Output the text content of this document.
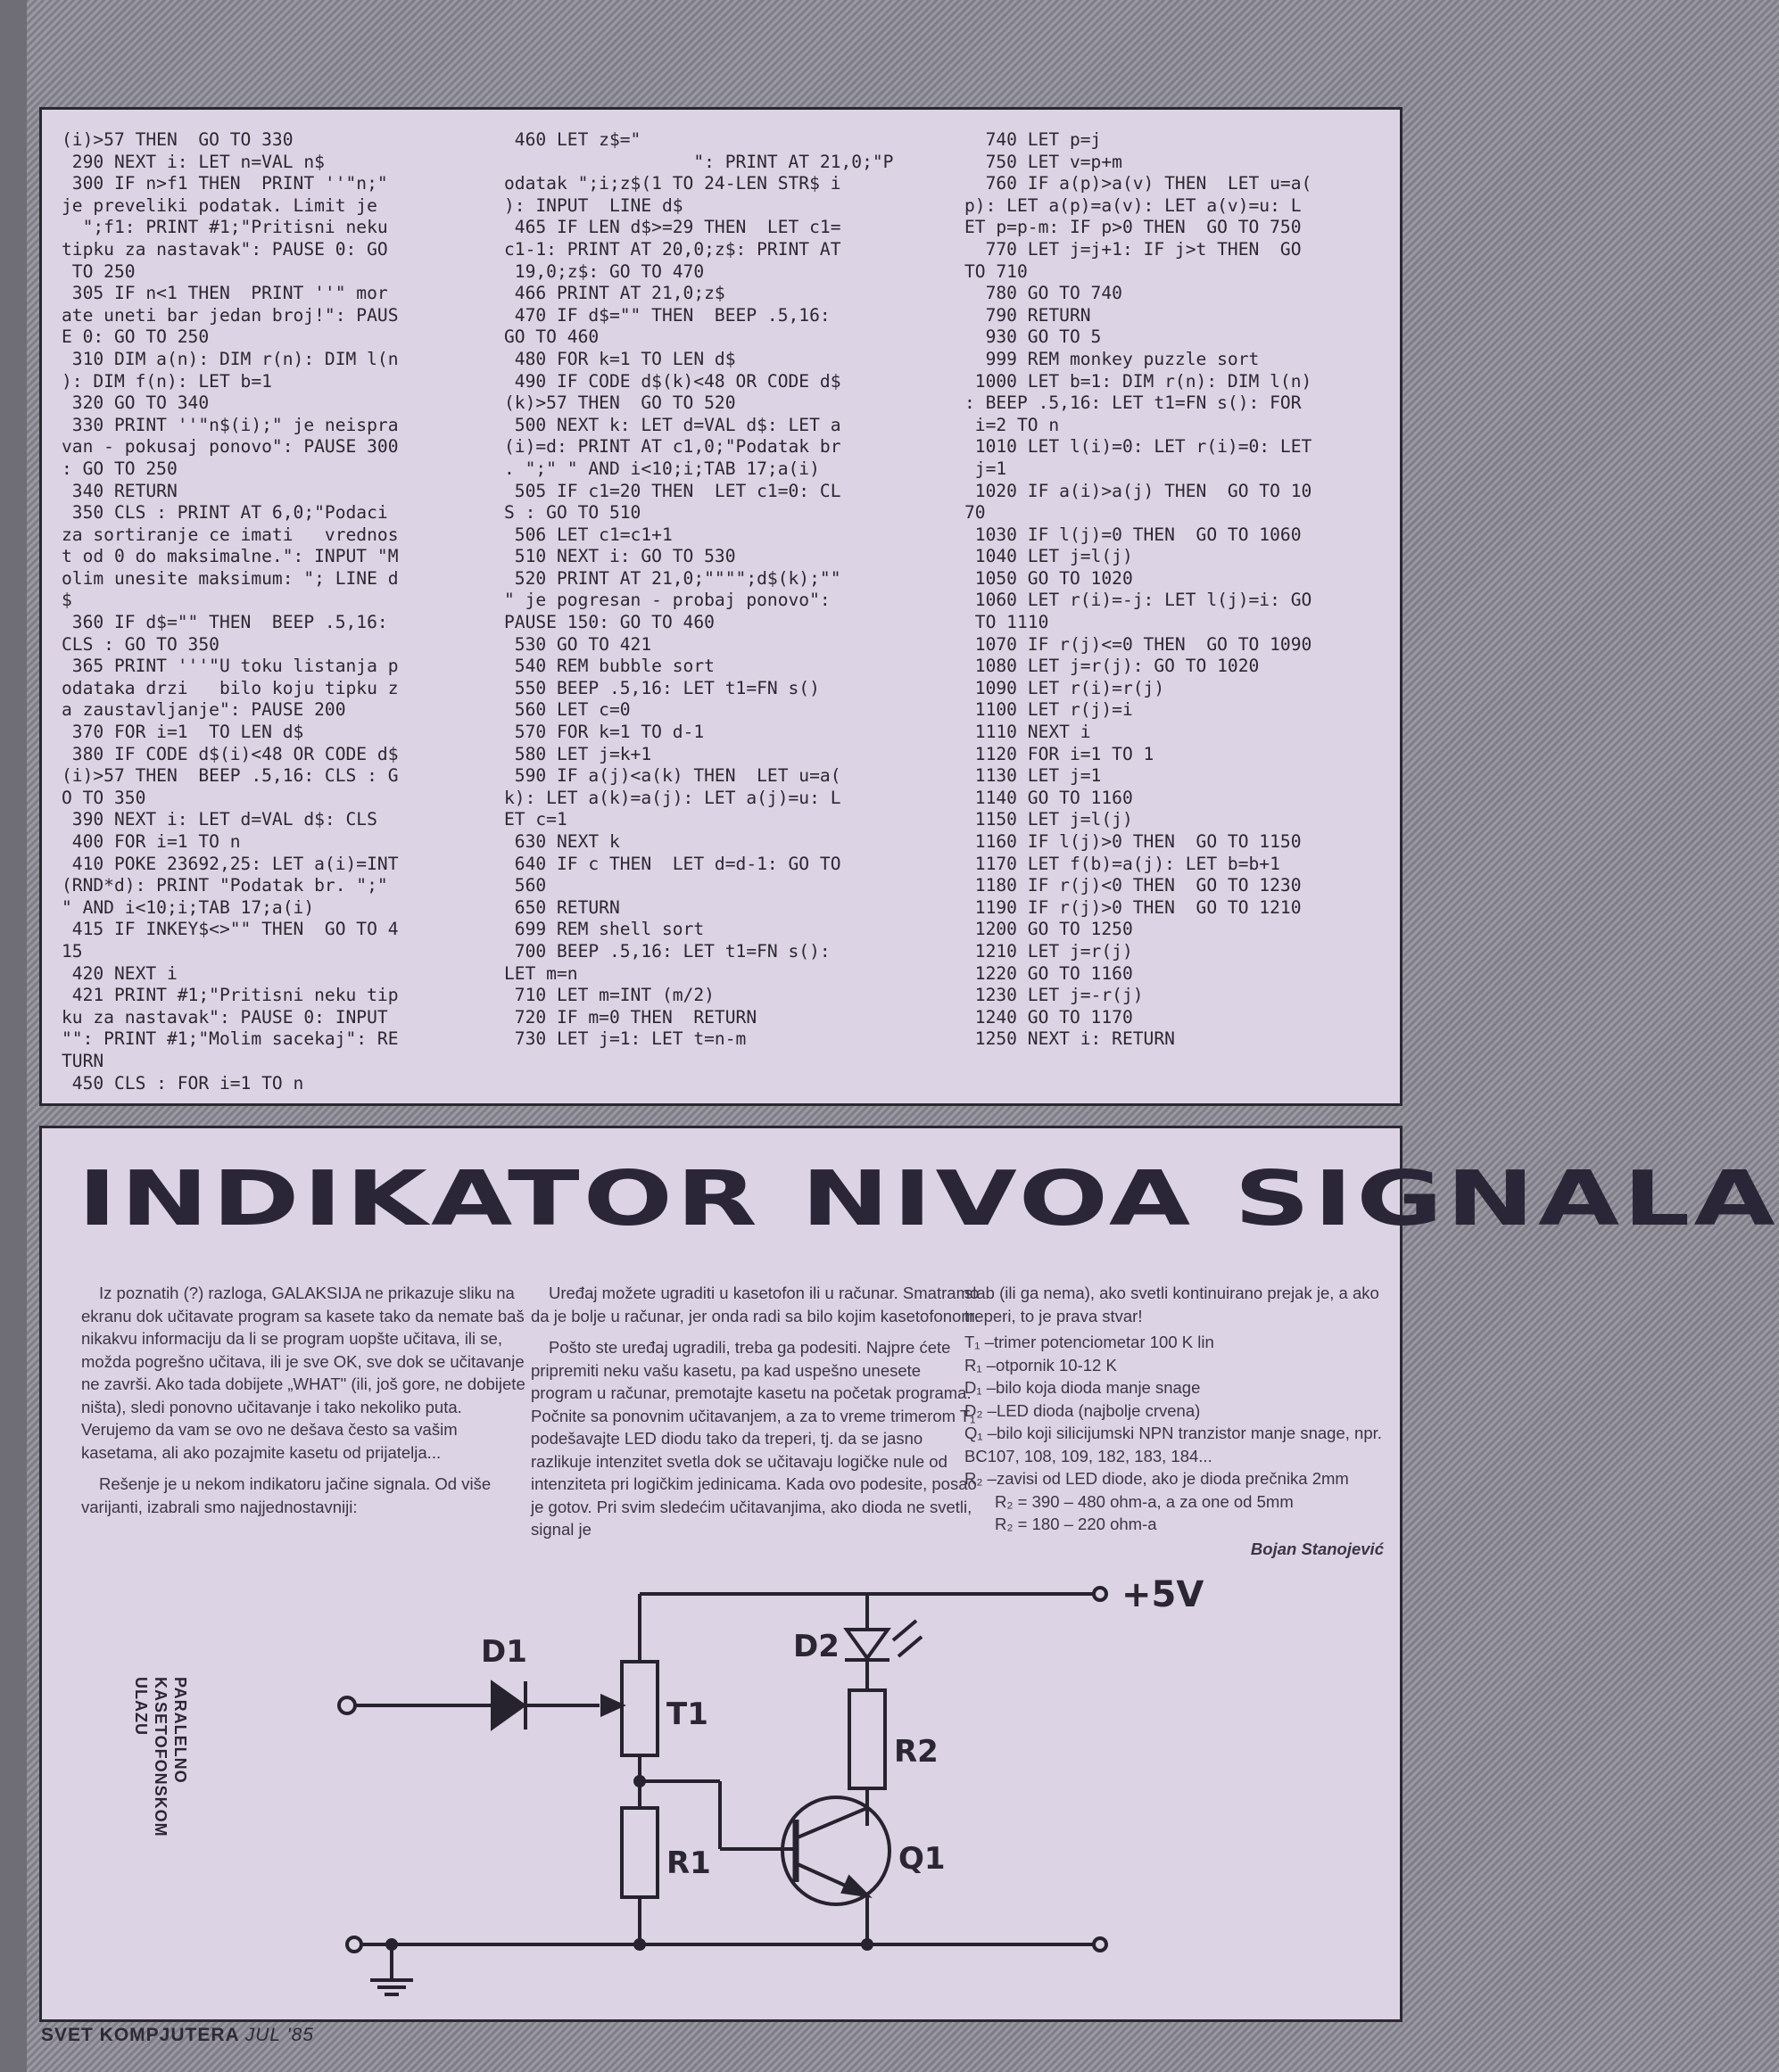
(i)>57 THEN  GO TO 330
290 NEXT i: LET n=VAL n$
300 IF n>f1 THEN  PRINT ''"n;"
je preveliki podatak. Limit je
";f1: PRINT #1;"Pritisni neku
tipku za nastavak": PAUSE 0: GO
TO 250
305 IF n<1 THEN  PRINT ''" mor
ate uneti bar jedan broj!": PAUS
E 0: GO TO 250
310 DIM a(n): DIM r(n): DIM l(n
): DIM f(n): LET b=1
320 GO TO 340
330 PRINT ''"n$(i);" je neispra
van - pokusaj ponovo": PAUSE 300
: GO TO 250
340 RETURN
350 CLS : PRINT AT 6,0;"Podaci
za sortiranje ce imati   vrednos
t od 0 do maksimalne.": INPUT "M
olim unesite maksimum: "; LINE d
$
360 IF d$="" THEN  BEEP .5,16:
CLS : GO TO 350
365 PRINT '''"U toku listanja p
odataka drzi   bilo koju tipku z
a zaustavljanje": PAUSE 200
370 FOR i=1  TO LEN d$
380 IF CODE d$(i)<48 OR CODE d$
(i)>57 THEN  BEEP .5,16: CLS : G
O TO 350
390 NEXT i: LET d=VAL d$: CLS
400 FOR i=1 TO n
410 POKE 23692,25: LET a(i)=INT
(RND*d): PRINT "Podatak br. ";"
" AND i<10;i;TAB 17;a(i)
415 IF INKEY$<>"" THEN  GO TO 4
15
420 NEXT i
421 PRINT #1;"Pritisni neku tip
ku za nastavak": PAUSE 0: INPUT
"": PRINT #1;"Molim sacekaj": RE
TURN
450 CLS : FOR i=1 TO n
460 LET z$="
": PRINT AT 21,0;"P
odatak ";i;z$(1 TO 24-LEN STR$ i
): INPUT  LINE d$
465 IF LEN d$>=29 THEN  LET c1=
c1-1: PRINT AT 20,0;z$: PRINT AT
19,0;z$: GO TO 470
466 PRINT AT 21,0;z$
470 IF d$="" THEN  BEEP .5,16:
GO TO 460
480 FOR k=1 TO LEN d$
490 IF CODE d$(k)<48 OR CODE d$
(k)>57 THEN  GO TO 520
500 NEXT k: LET d=VAL d$: LET a
(i)=d: PRINT AT c1,0;"Podatak br
. ";" " AND i<10;i;TAB 17;a(i)
505 IF c1=20 THEN  LET c1=0: CL
S : GO TO 510
506 LET c1=c1+1
510 NEXT i: GO TO 530
520 PRINT AT 21,0;"""";d$(k);""
" je pogresan - probaj ponovo":
PAUSE 150: GO TO 460
530 GO TO 421
540 REM bubble sort
550 BEEP .5,16: LET t1=FN s()
560 LET c=0
570 FOR k=1 TO d-1
580 LET j=k+1
590 IF a(j)<a(k) THEN  LET u=a(
k): LET a(k)=a(j): LET a(j)=u: L
ET c=1
630 NEXT k
640 IF c THEN  LET d=d-1: GO TO
560
650 RETURN
699 REM shell sort
700 BEEP .5,16: LET t1=FN s():
LET m=n
710 LET m=INT (m/2)
720 IF m=0 THEN  RETURN
730 LET j=1: LET t=n-m
740 LET p=j
750 LET v=p+m
760 IF a(p)>a(v) THEN  LET u=a(
p): LET a(p)=a(v): LET a(v)=u: L
ET p=p-m: IF p>0 THEN  GO TO 750
770 LET j=j+1: IF j>t THEN  GO
TO 710
780 GO TO 740
790 RETURN
930 GO TO 5
999 REM monkey puzzle sort
1000 LET b=1: DIM r(n): DIM l(n)
: BEEP .5,16: LET t1=FN s(): FOR
i=2 TO n
1010 LET l(i)=0: LET r(i)=0: LET
j=1
1020 IF a(i)>a(j) THEN  GO TO 10
70
1030 IF l(j)=0 THEN  GO TO 1060
1040 LET j=l(j)
1050 GO TO 1020
1060 LET r(i)=-j: LET l(j)=i: GO
TO 1110
1070 IF r(j)<=0 THEN  GO TO 1090
1080 LET j=r(j): GO TO 1020
1090 LET r(i)=r(j)
1100 LET r(j)=i
1110 NEXT i
1120 FOR i=1 TO 1
1130 LET j=1
1140 GO TO 1160
1150 LET j=l(j)
1160 IF l(j)>0 THEN  GO TO 1150
1170 LET f(b)=a(j): LET b=b+1
1180 IF r(j)<0 THEN  GO TO 1230
1190 IF r(j)>0 THEN  GO TO 1210
1200 GO TO 1250
1210 LET j=r(j)
1220 GO TO 1160
1230 LET j=-r(j)
1240 GO TO 1170
1250 NEXT i: RETURN
INDIKATOR NIVOA SIGNALA

Iz poznatih (?) razloga, GALAKSIJA ne prikazuje sliku na ekranu dok učitavate program sa kasete tako da nemate baš nikakvu informaciju da li se program uopšte učitava, ili se, možda pogrešno učitava, ili je sve OK, sve dok se učitavanje ne završi. Ako tada dobijete „WHAT" (ili, još gore, ne dobijete ništa), sledi ponovno učitavanje i tako nekoliko puta. Verujemo da vam se ovo ne dešava često sa vašim kasetama, ali ako pozajmite kasetu od prijatelja...

Rešenje je u nekom indikatoru jačine signala. Od više varijanti, izabrali smo najjednostavniji:

Uređaj možete ugraditi u kasetofon ili u računar. Smatramo da je bolje u računar, jer onda radi sa bilo kojim kasetofonom.

Pošto ste uređaj ugradili, treba ga podesiti. Najpre ćete pripremiti neku vašu kasetu, pa kad uspešno unesete program u računar, premotajte kasetu na početak programa. Počnite sa ponovnim učitavanjem, a za to vreme trimerom T₁ podešavajte LED diodu tako da treperi, tj. da se jasno razlikuje intenzitet svetla dok se učitavaju logičke nule od intenziteta pri logičkim jedinicama. Kada ovo podesite, posao je gotov. Pri svim sledećim učitavanjima, ako dioda ne svetli, signal je

slab (ili ga nema), ako svetli kontinuirano prejak je, a ako treperi, to je prava stvar!
T₁ –trimer potenciometar 100 K lin
R₁ –otpornik 10-12 K
D₁ –bilo koja dioda manje snage
D₂ –LED dioda (najbolje crvena)
Q₁ –bilo koji silicijumski NPN tranzistor manje snage, npr. BC107, 108, 109, 182, 183, 184...
R₂ –zavisi od LED diode, ako je dioda prečnika 2mm
R₂ = 390 – 480 ohm-a, a za one od 5mm
R₂ = 180 – 220 ohm-a
Bojan Stanojević
PARALELNO
KASETOFONSKOM
ULAZU
D1	D2
T1
R1
R2
Q1
+5V
SVET KOMPJUTERA JUL '85
